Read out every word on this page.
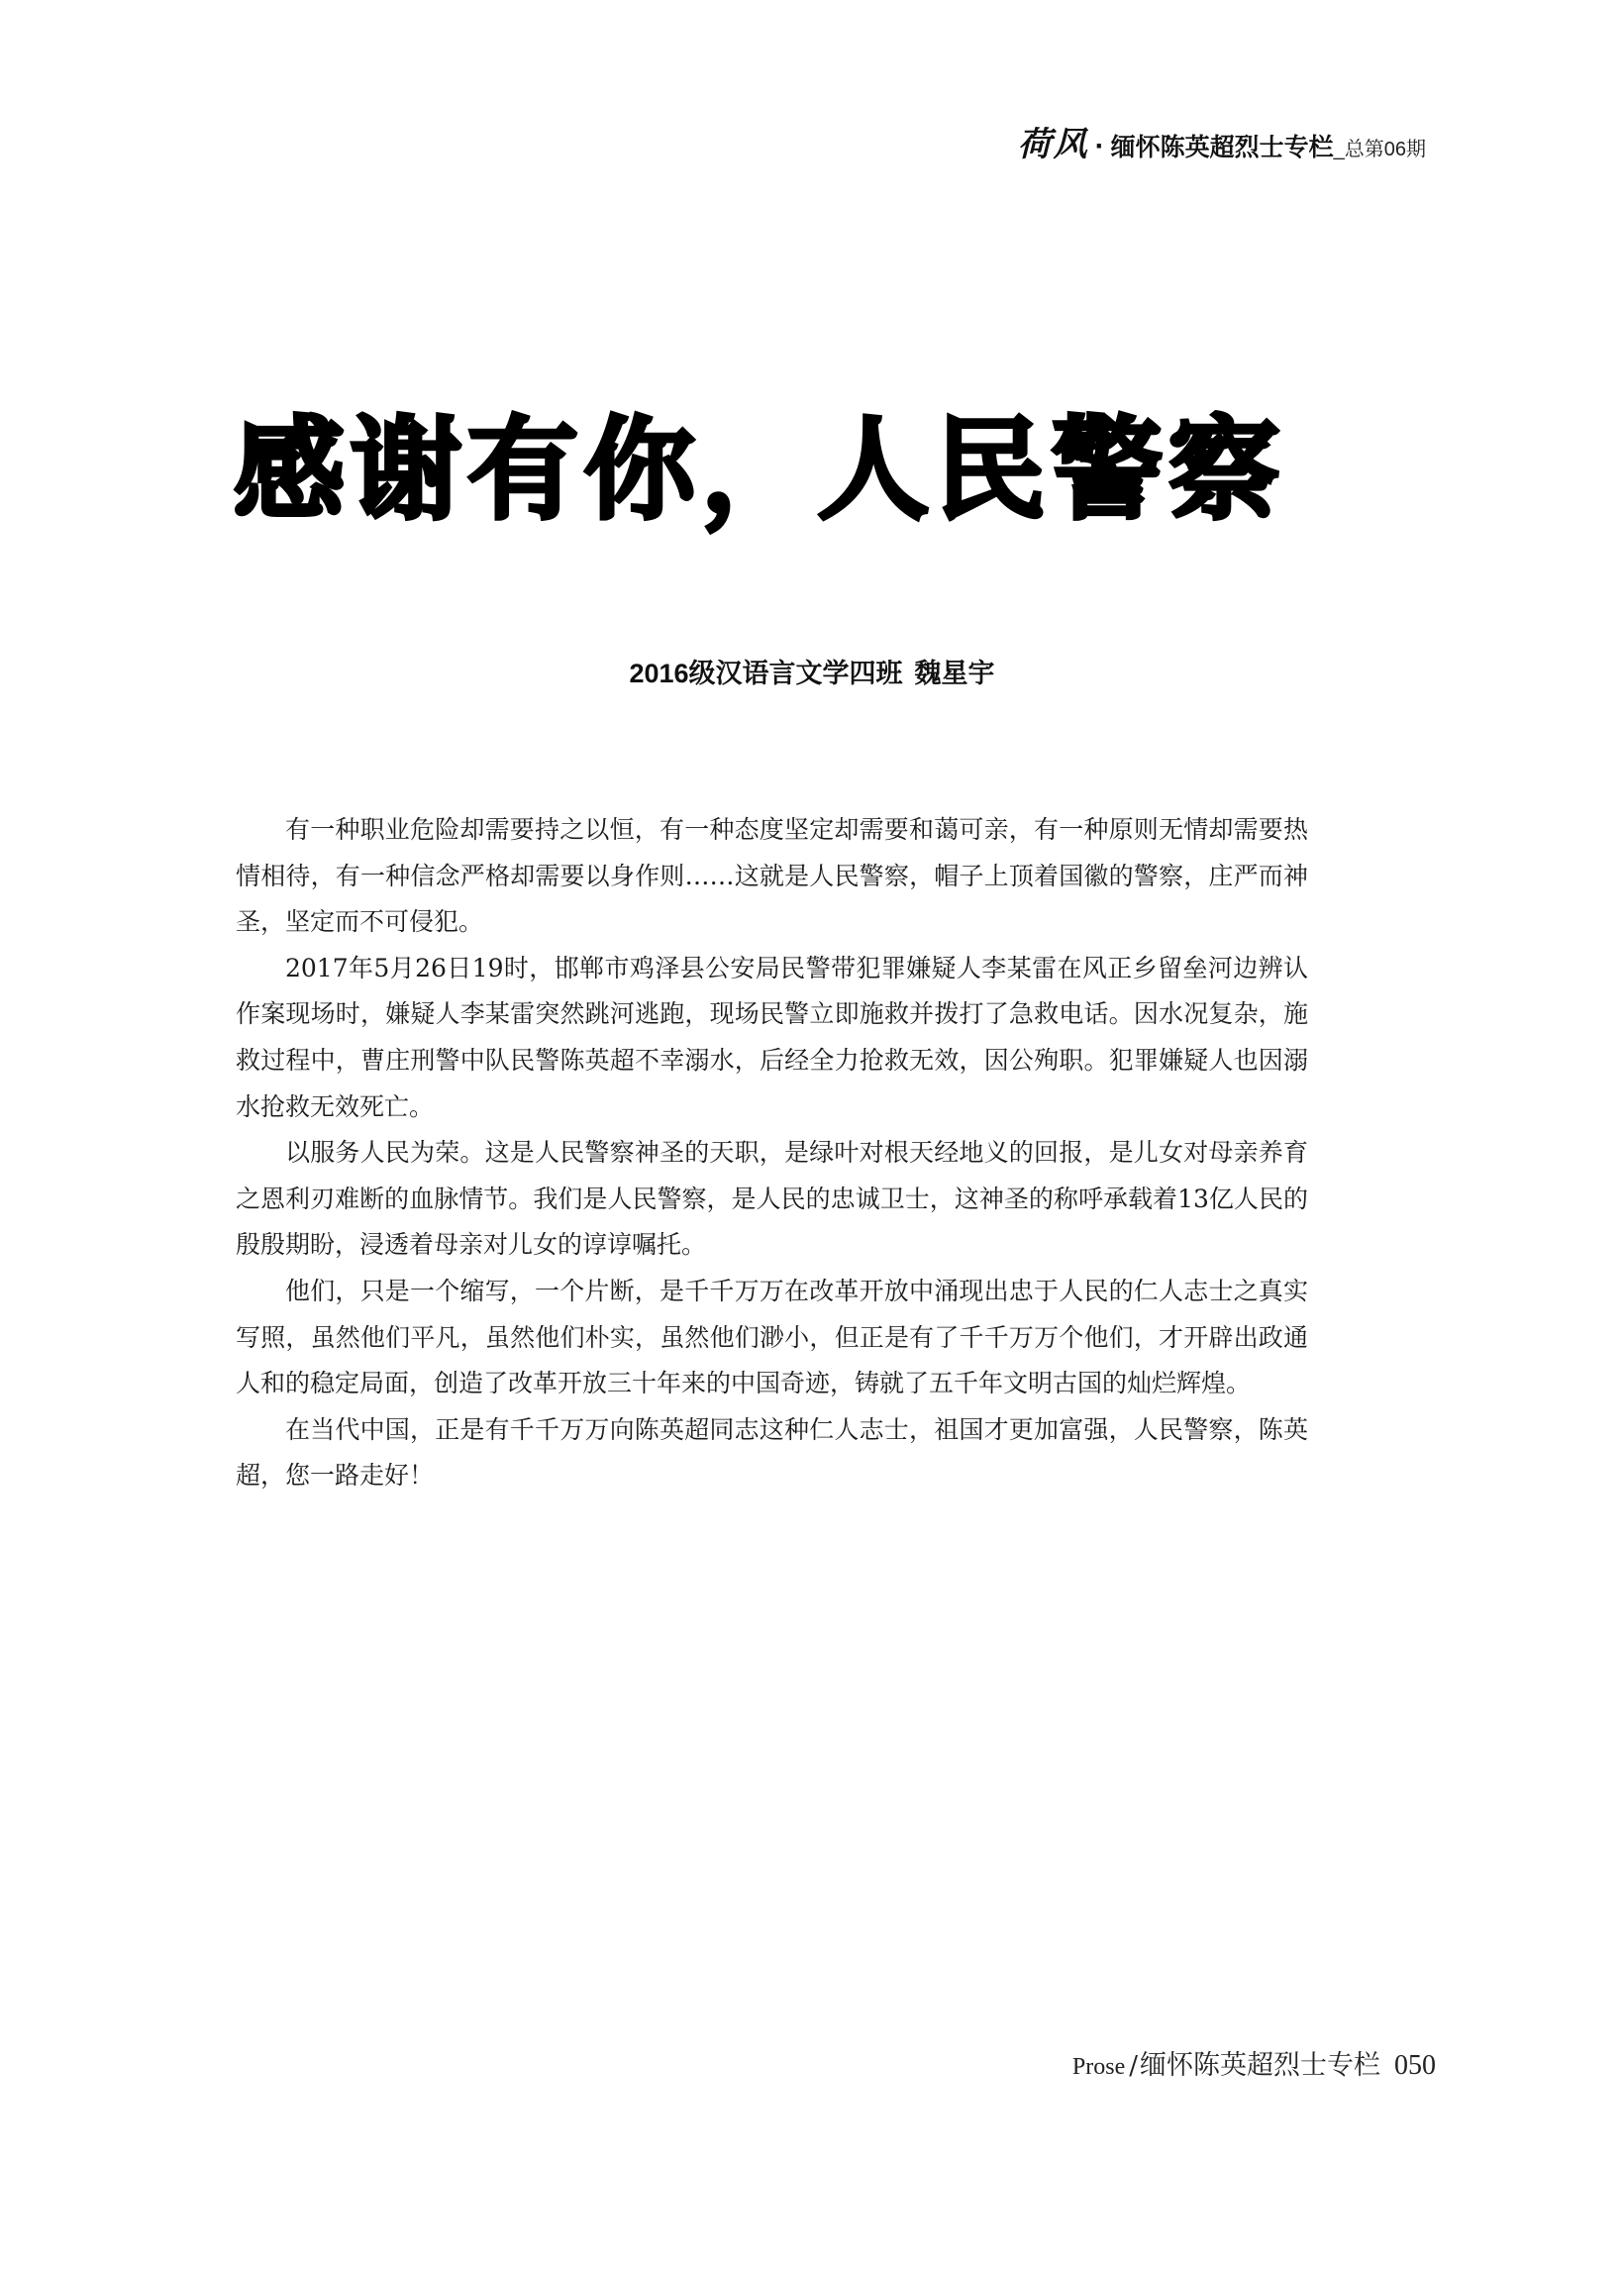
荷风 · 缅怀陈英超烈士专栏 _总第06期
感谢有你，人民警察
2016级汉语言文学四班 魏星宇

有一种职业危险却需要持之以恒，有一种态度坚定却需要和蔼可亲，有一种原则无情却需要热情相待，有一种信念严格却需要以身作则……这就是人民警察，帽子上顶着国徽的警察，庄严而神圣，坚定而不可侵犯。

2017年5月26日19时，邯郸市鸡泽县公安局民警带犯罪嫌疑人李某雷在风正乡留垒河边辨认作案现场时，嫌疑人李某雷突然跳河逃跑，现场民警立即施救并拨打了急救电话。因水况复杂，施救过程中，曹庄刑警中队民警陈英超不幸溺水，后经全力抢救无效，因公殉职。犯罪嫌疑人也因溺水抢救无效死亡。

以服务人民为荣。这是人民警察神圣的天职，是绿叶对根天经地义的回报，是儿女对母亲养育之恩利刃难断的血脉情节。我们是人民警察，是人民的忠诚卫士，这神圣的称呼承载着13亿人民的殷殷期盼，浸透着母亲对儿女的谆谆嘱托。

他们，只是一个缩写，一个片断，是千千万万在改革开放中涌现出忠于人民的仁人志士之真实写照，虽然他们平凡，虽然他们朴实，虽然他们渺小，但正是有了千千万万个他们，才开辟出政通人和的稳定局面，创造了改革开放三十年来的中国奇迹，铸就了五千年文明古国的灿烂辉煌。

在当代中国，正是有千千万万向陈英超同志这种仁人志士，祖国才更加富强，人民警察，陈英超，您一路走好！

Prose / 缅怀陈英超烈士专栏 050
